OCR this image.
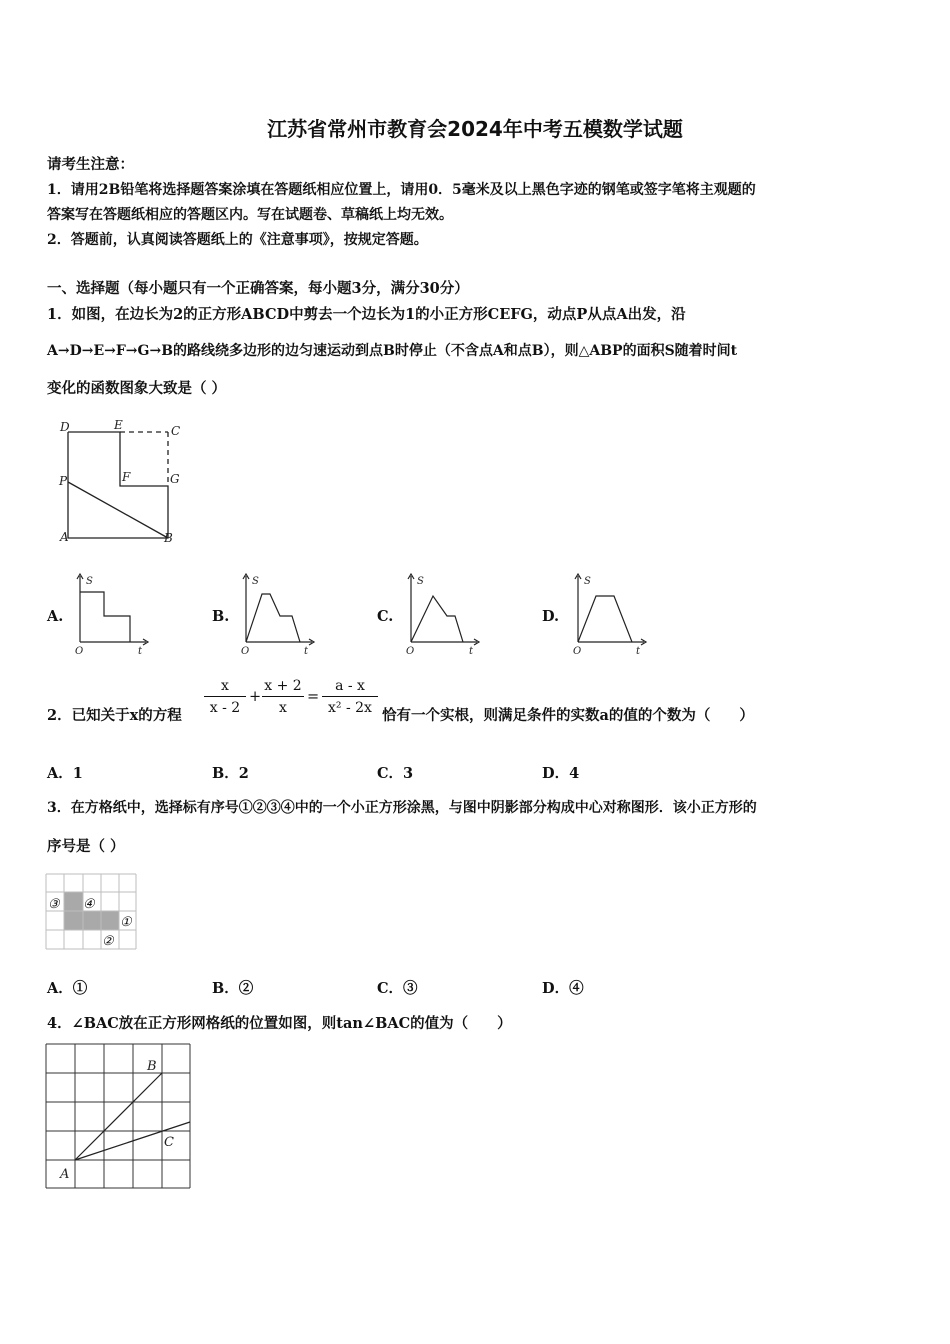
江苏省常州市教育会2024年中考五模数学试题
请考生注意：
1．请用2B铅笔将选择题答案涂填在答题纸相应位置上，请用0．5毫米及以上黑色字迹的钢笔或签字笔将主观题的
答案写在答题纸相应的答题区内。写在试题卷、草稿纸上均无效。
2．答题前，认真阅读答题纸上的《注意事项》，按规定答题。
一、选择题（每小题只有一个正确答案，每小题3分，满分30分）
1．如图，在边长为2的正方形ABCD中剪去一个边长为1的小正方形CEFG，动点P从点A出发，沿
A→D→E→F→G→B的路线绕多边形的边匀速运动到点B时停止（不含点A和点B），则△ABP的面积S随着时间t
变化的函数图象大致是（ ）
D	E	C
F	G
P
A	B
A.
S
t
O
B.
S
t
O
C.
S
t
O
D.
S
t
O
2．已知关于x的方程 $\frac{x}{x - 2} + \frac{x + 2}{x} = \frac{a - x}{\text{x² - 2x}}$ 恰有一个实根，则满足条件的实数a的值的个数为（　　）
A．1	B．2	C．3	D．4
3．在方格纸中，选择标有序号①②③④中的一个小正方形涂黑，与图中阴影部分构成中心对称图形．该小正方形的
序号是（ ）
③ ④
①
②
A．①	B．②	C．③	D．④
4．∠BAC放在正方形网格纸的位置如图，则tan∠BAC的值为（　　）
A
B
C
